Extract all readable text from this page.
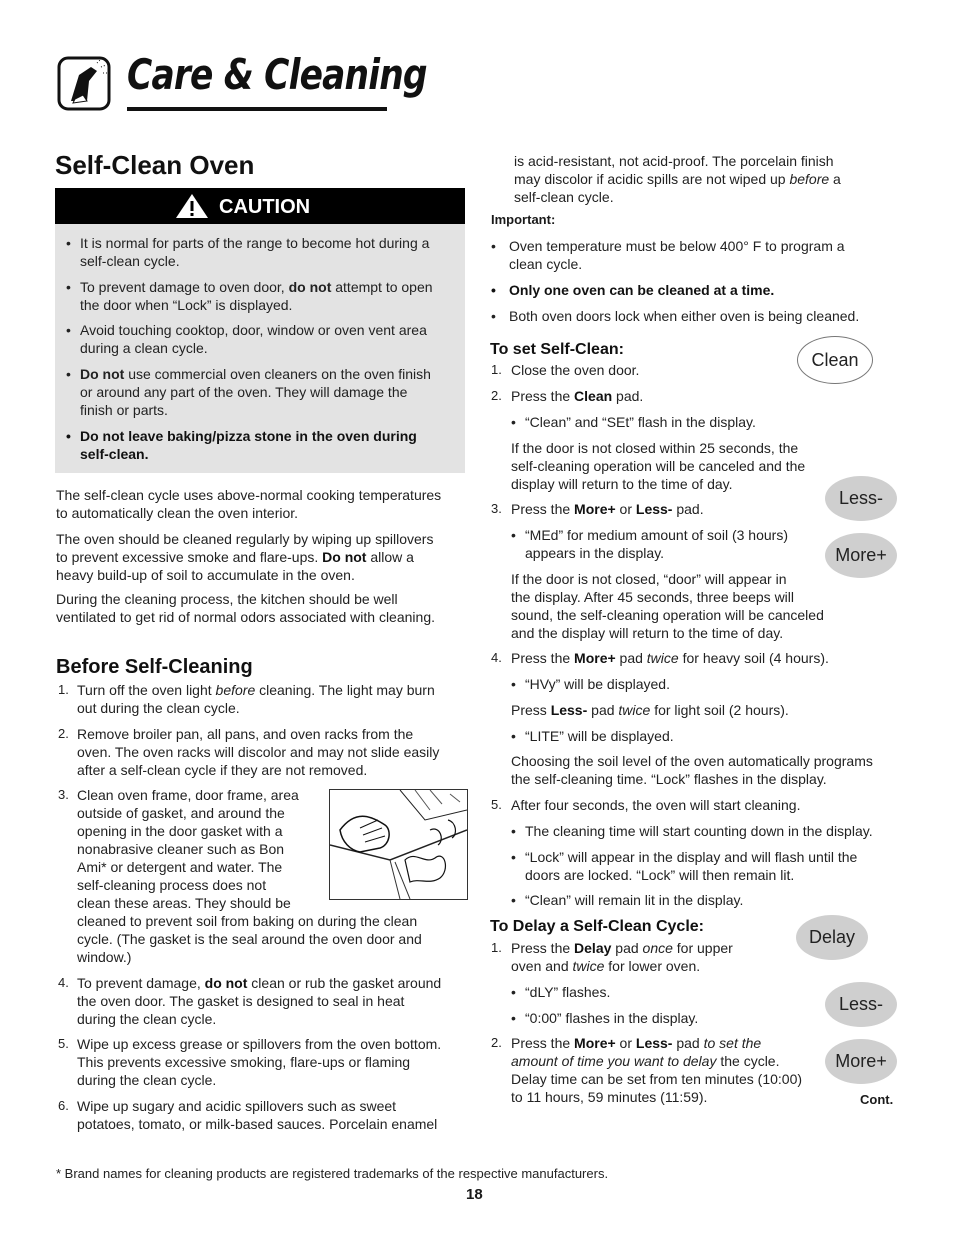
Care & Cleaning
Self-Clean Oven
CAUTION
• It is normal for parts of the range to become hot during a
self-clean cycle.
• To prevent damage to oven door, do not attempt to open
the door when “Lock” is displayed.
• Avoid touching cooktop, door, window or oven vent area
during a clean cycle.
• Do not use commercial oven cleaners on the oven finish
or around any part of the oven. They will damage the
finish or parts.
• Do not leave baking/pizza stone in the oven during
self-clean.
The self-clean cycle uses above-normal cooking temperatures
to automatically clean the oven interior.
The oven should be cleaned regularly by wiping up spillovers
to prevent excessive smoke and flare-ups. Do not allow a
heavy build-up of soil to accumulate in the oven.
During the cleaning process, the kitchen should be well
ventilated to get rid of normal odors associated with cleaning.
Before Self-Cleaning
1. Turn off the oven light before cleaning. The light may burn
out during the clean cycle.
2. Remove broiler pan, all pans, and oven racks from the
oven. The oven racks will discolor and may not slide easily
after a self-clean cycle if they are not removed.
3. Clean oven frame, door frame, area
outside of gasket, and around the
opening in the door gasket with a
nonabrasive cleaner such as Bon
Ami* or detergent and water. The
self-cleaning process does not
clean these areas. They should be
cleaned to prevent soil from baking on during the clean
cycle. (The gasket is the seal around the oven door and
window.)
4. To prevent damage, do not clean or rub the gasket around
the oven door. The gasket is designed to seal in heat
during the clean cycle.
5. Wipe up excess grease or spillovers from the oven bottom.
This prevents excessive smoking, flare-ups or flaming
during the clean cycle.
6. Wipe up sugary and acidic spillovers such as sweet
potatoes, tomato, or milk-based sauces. Porcelain enamel
is acid-resistant, not acid-proof. The porcelain finish
may discolor if acidic spills are not wiped up before a
self-clean cycle.
Important:
• Oven temperature must be below 400° F to program a
clean cycle.
• Only one oven can be cleaned at a time.
• Both oven doors lock when either oven is being cleaned.
To set Self-Clean:
1. Close the oven door.
2. Press the Clean pad.
• “Clean” and “SEt” flash in the display.
If the door is not closed within 25 seconds, the
self-cleaning operation will be canceled and the
display will return to the time of day.
3. Press the More+ or Less- pad.
• “MEd” for medium amount of soil (3 hours)
appears in the display.
If the door is not closed, “door” will appear in
the display. After 45 seconds, three beeps will
sound, the self-cleaning operation will be canceled
and the display will return to the time of day.
4. Press the More+ pad twice for heavy soil (4 hours).
• “HVy” will be displayed.
Press Less- pad twice for light soil (2 hours).
• “LITE” will be displayed.
Choosing the soil level of the oven automatically programs
the self-cleaning time. “Lock” flashes in the display.
5. After four seconds, the oven will start cleaning.
• The cleaning time will start counting down in the display.
• “Lock” will appear in the display and will flash until the
doors are locked. “Lock” will then remain lit.
• “Clean” will remain lit in the display.
To Delay a Self-Clean Cycle:
1. Press the Delay pad once for upper
oven and twice for lower oven.
• “dLY” flashes.
• “0:00” flashes in the display.
2. Press the More+ or Less- pad to set the
amount of time you want to delay the cycle.
Delay time can be set from ten minutes (10:00)
to 11 hours, 59 minutes (11:59).	Cont.
Clean
Less-
More+
Delay
Less-
More+
* Brand names for cleaning products are registered trademarks of the respective manufacturers.
18
